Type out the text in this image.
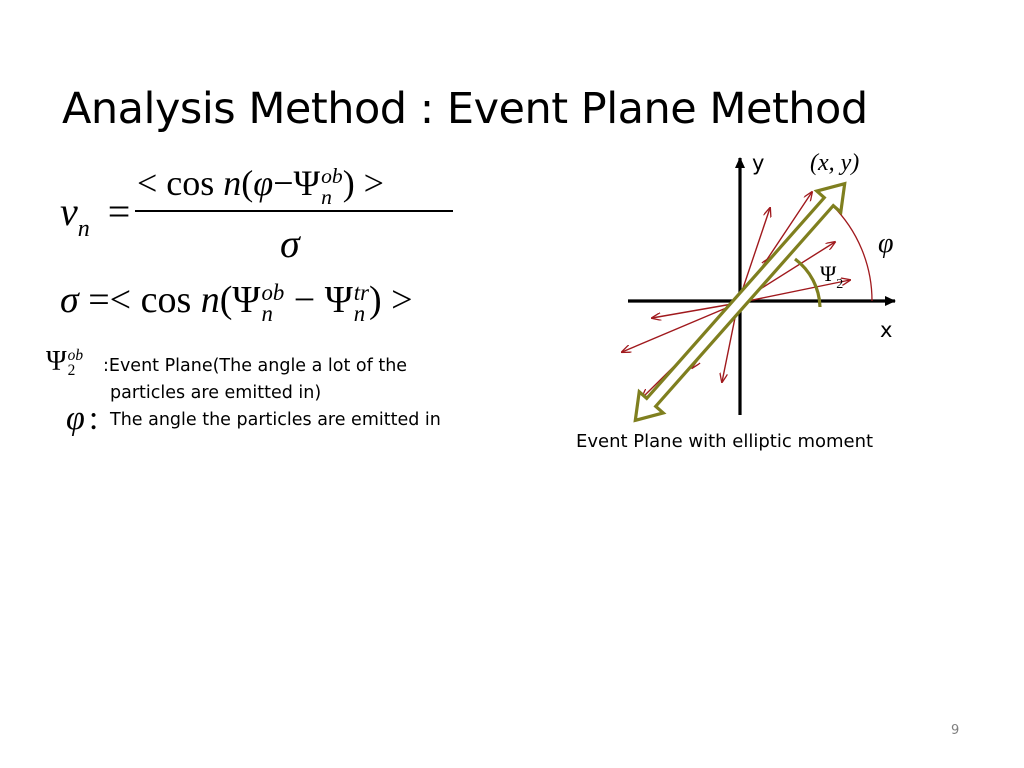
Analysis Method : Event Plane Method
$v_n$ =
< cos n(φ−Ψ ob
n ) >
σ
σ =< cos n(Ψ ob
n − Ψ tr
n ) >
Ψ ob
2	:Event Plane(The angle a lot of the
particles are emitted in)
φ : The angle the particles are emitted in
y
x
(x, y)
φ
$\Psi_2$
Event Plane with elliptic moment
9
